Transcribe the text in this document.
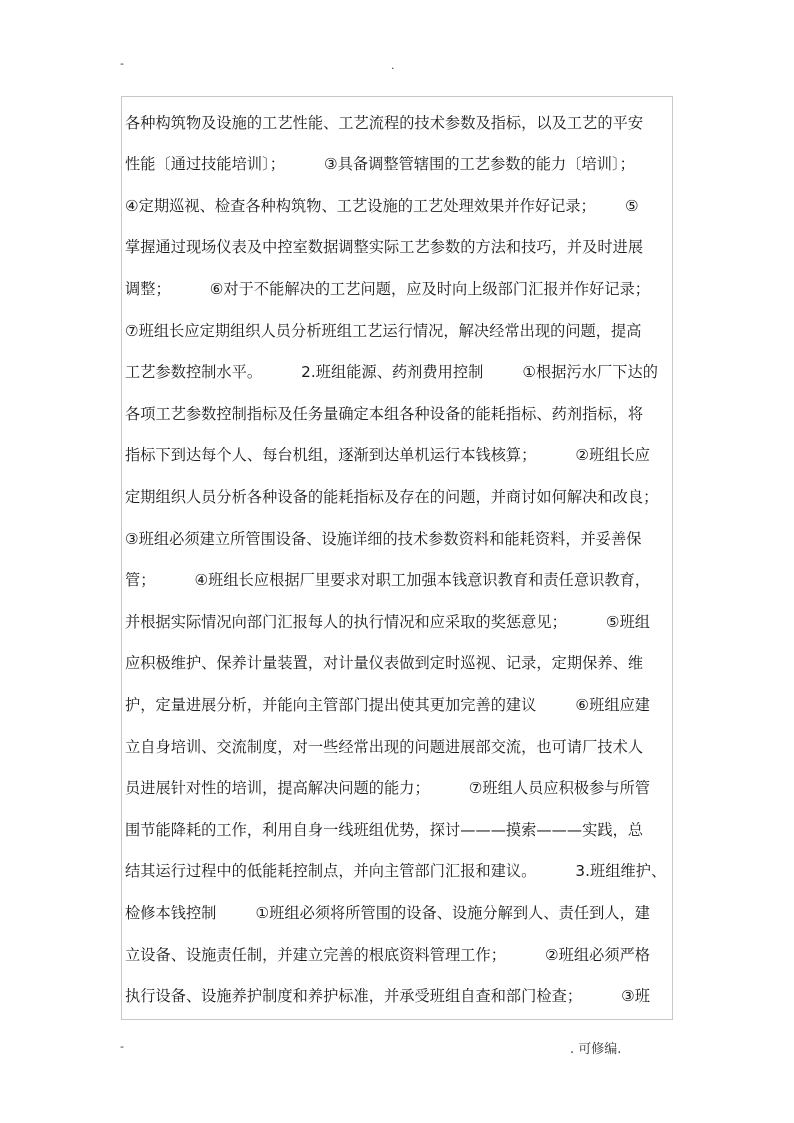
-	.
各种构筑物及设施的工艺性能、工艺流程的技术参数及指标，以及工艺的平安
性能〔通过技能培训〕；        ③具备调整管辖围的工艺参数的能力〔培训〕；
④定期巡视、检查各种构筑物、工艺设施的工艺处理效果并作好记录；      ⑤
掌握通过现场仪表及中控室数据调整实际工艺参数的方法和技巧，并及时进展
调整；        ⑥对于不能解决的工艺问题，应及时向上级部门汇报并作好记录；
⑦班组长应定期组织人员分析班组工艺运行情况，解决经常出现的问题，提高
工艺参数控制水平。        2.班组能源、药剂费用控制        ①根据污水厂下达的
各项工艺参数控制指标及任务量确定本组各种设备的能耗指标、药剂指标，将
指标下到达每个人、每台机组，逐渐到达单机运行本钱核算；        ②班组长应
定期组织人员分析各种设备的能耗指标及存在的问题，并商讨如何解决和改良；
③班组必须建立所管围设备、设施详细的技术参数资料和能耗资料，并妥善保
管；        ④班组长应根据厂里要求对职工加强本钱意识教育和责任意识教育，
并根据实际情况向部门汇报每人的执行情况和应采取的奖惩意见；        ⑤班组
应积极维护、保养计量装置，对计量仪表做到定时巡视、记录，定期保养、维
护，定量进展分析，并能向主管部门提出使其更加完善的建议        ⑥班组应建
立自身培训、交流制度，对一些经常出现的问题进展部交流，也可请厂技术人
员进展针对性的培训，提高解决问题的能力；        ⑦班组人员应积极参与所管
围节能降耗的工作，利用自身一线班组优势，探讨———摸索———实践，总
结其运行过程中的低能耗控制点，并向主管部门汇报和建议。        3.班组维护、
检修本钱控制        ①班组必须将所管围的设备、设施分解到人、责任到人，建
立设备、设施责任制，并建立完善的根底资料管理工作；        ②班组必须严格
执行设备、设施养护制度和养护标准，并承受班组自查和部门检查；        ③班
-	. 可修编.
